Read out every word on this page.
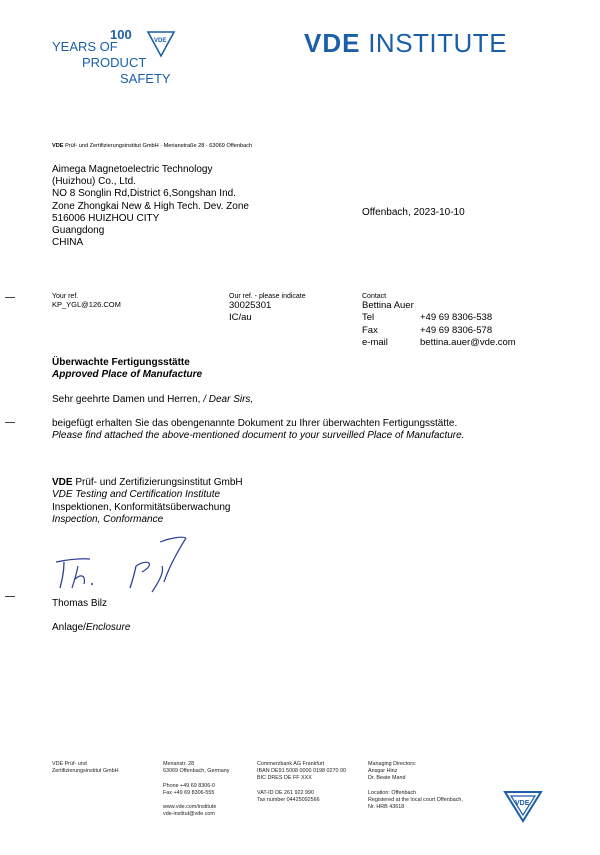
YEARS OF
PRODUCT
SAFETY
100	VDE	VDE INSTITUTE
VDE Prüf- und Zertifizierungsinstitut GmbH · Merianstraße 28 · 63069 Offenbach
Aimega Magnetoelectric Technology
(Huizhou) Co., Ltd.
NO 8 Songlin Rd,District 6,Songshan Ind.
Zone Zhongkai New & High Tech. Dev. Zone
516006 HUIZHOU CITY
Guangdong
CHINA
Offenbach, 2023-10-10
Your ref.
KP_YGL@126.COM
Our ref. - please indicate
30025301
IC/au
Contact
Bettina Auer
Tel	+49 69 8306-538
Fax	+49 69 8306-578
e-mail	bettina.auer@vde.com
Überwachte Fertigungsstätte
Approved Place of Manufacture
Sehr geehrte Damen und Herren, / Dear Sirs,
beigefügt erhalten Sie das obengenannte Dokument zu Ihrer überwachten Fertigungsstätte.
Please find attached the above-mentioned document to your surveilled Place of Manufacture.
VDE Prüf- und Zertifizierungsinstitut GmbH
VDE Testing and Certification Institute
Inspektionen, Konformitätsüberwachung
Inspection, Conformance
Thomas Bilz
Anlage/Enclosure
VDE Prüf- und
Zertifizierungsinstitut GmbH
Merianstr. 28
63069 Offenbach, Germany

Phone +49 69 8306-0
Fax +49 69 8306-555

www.vde.com/institute
vde-institut@vde.com
Commerzbank AG Frankfurt
IBAN DE91 5008 0000 0198 0270 00
BIC DRES DE FF XXX

VAT-ID DE 261 922 990
Tax number 04425092566
Managing Directors:
Ansgar Hinz
Dr. Beate Mand

Location: Offenbach
Registered at the local court Offenbach,
Nr. HRB 43618
VDE
